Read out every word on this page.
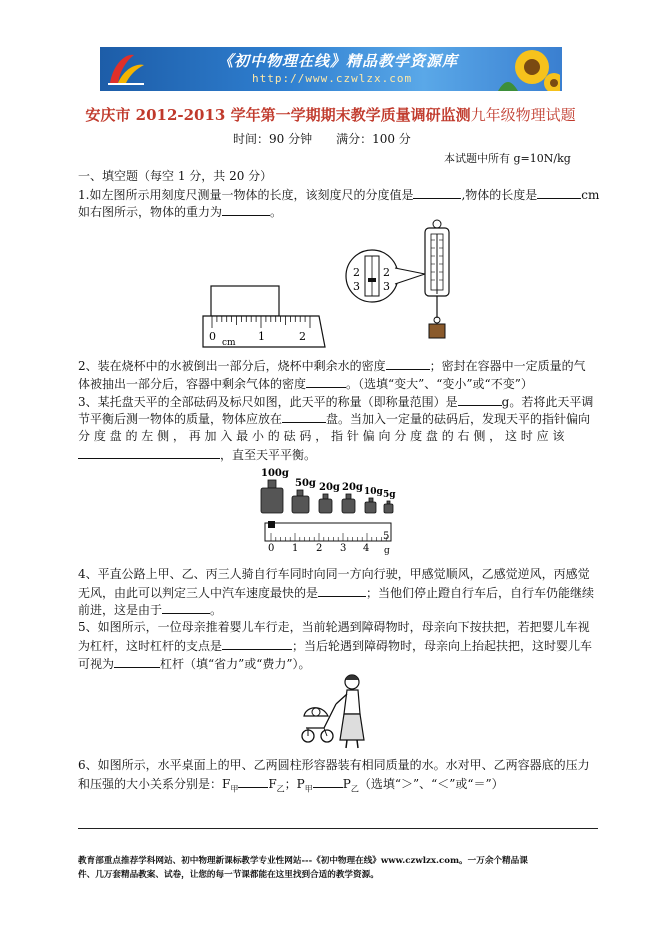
《初中物理在线》精品教学资源库
http://www.czwlzx.com
安庆市 2012-2013 学年第一学期期末教学质量调研监测九年级物理试题
时间：90 分钟　　满分：100 分
本试题中所有 g=10N/kg
一、填空题（每空 1 分，共 20 分）
1.如左图所示用刻度尺测量一物体的长度，该刻度尺的分度值是	,物体的长度是	cm
如右图所示，物体的重力为	。
0	1	2
cm
2
3
2
3
2、装在烧杯中的水被倒出一部分后，烧杯中剩余水的密度	；密封在容器中一定质量的气
体被抽出一部分后，容器中剩余气体的密度	。（选填“变大”、“变小”或“不变”）
3、某托盘天平的全部砝码及标尺如图，此天平的称量（即称量范围）是	g。若将此天平调
节平衡后测一物体的质量，物体应放在	盘。当加入一定量的砝码后，发现天平的指针偏向
分 度 盘 的 左 侧 ， 再 加 入 最 小 的 砝 码 ， 指 针 偏 向 分 度 盘 的 右 侧 ， 这 时 应 该
，直至天平平衡。
100g
50g 20g 20g 10g 5g
0 1 2 3 4
5
g
4、平直公路上甲、乙、丙三人骑自行车同时向同一方向行驶，甲感觉顺风，乙感觉逆风，丙感觉
无风，由此可以判定三人中汽车速度最快的是	；当他们停止蹬自行车后，自行车仍能继续
前进，这是由于	。
5、如图所示，一位母亲推着婴儿车行走，当前轮遇到障碍物时，母亲向下按扶把，若把婴儿车视
为杠杆，这时杠杆的支点是	；当后轮遇到障碍物时，母亲向上抬起扶把，这时婴儿车
可视为	杠杆（填“省力”或“费力”）。
6、如图所示，水平桌面上的甲、乙两圆柱形容器装有相同质量的水。水对甲、乙两容器底的压力
和压强的大小关系分别是：$F_甲$	$F_乙$；$P_甲$	$P_乙$（选填“＞”、“＜”或“＝”）
教育部重点推荐学科网站、初中物理新课标教学专业性网站---《初中物理在线》www.czwlzx.com。一万余个精品课
件、几万套精品教案、试卷，让您的每一节课都能在这里找到合适的教学资源。
